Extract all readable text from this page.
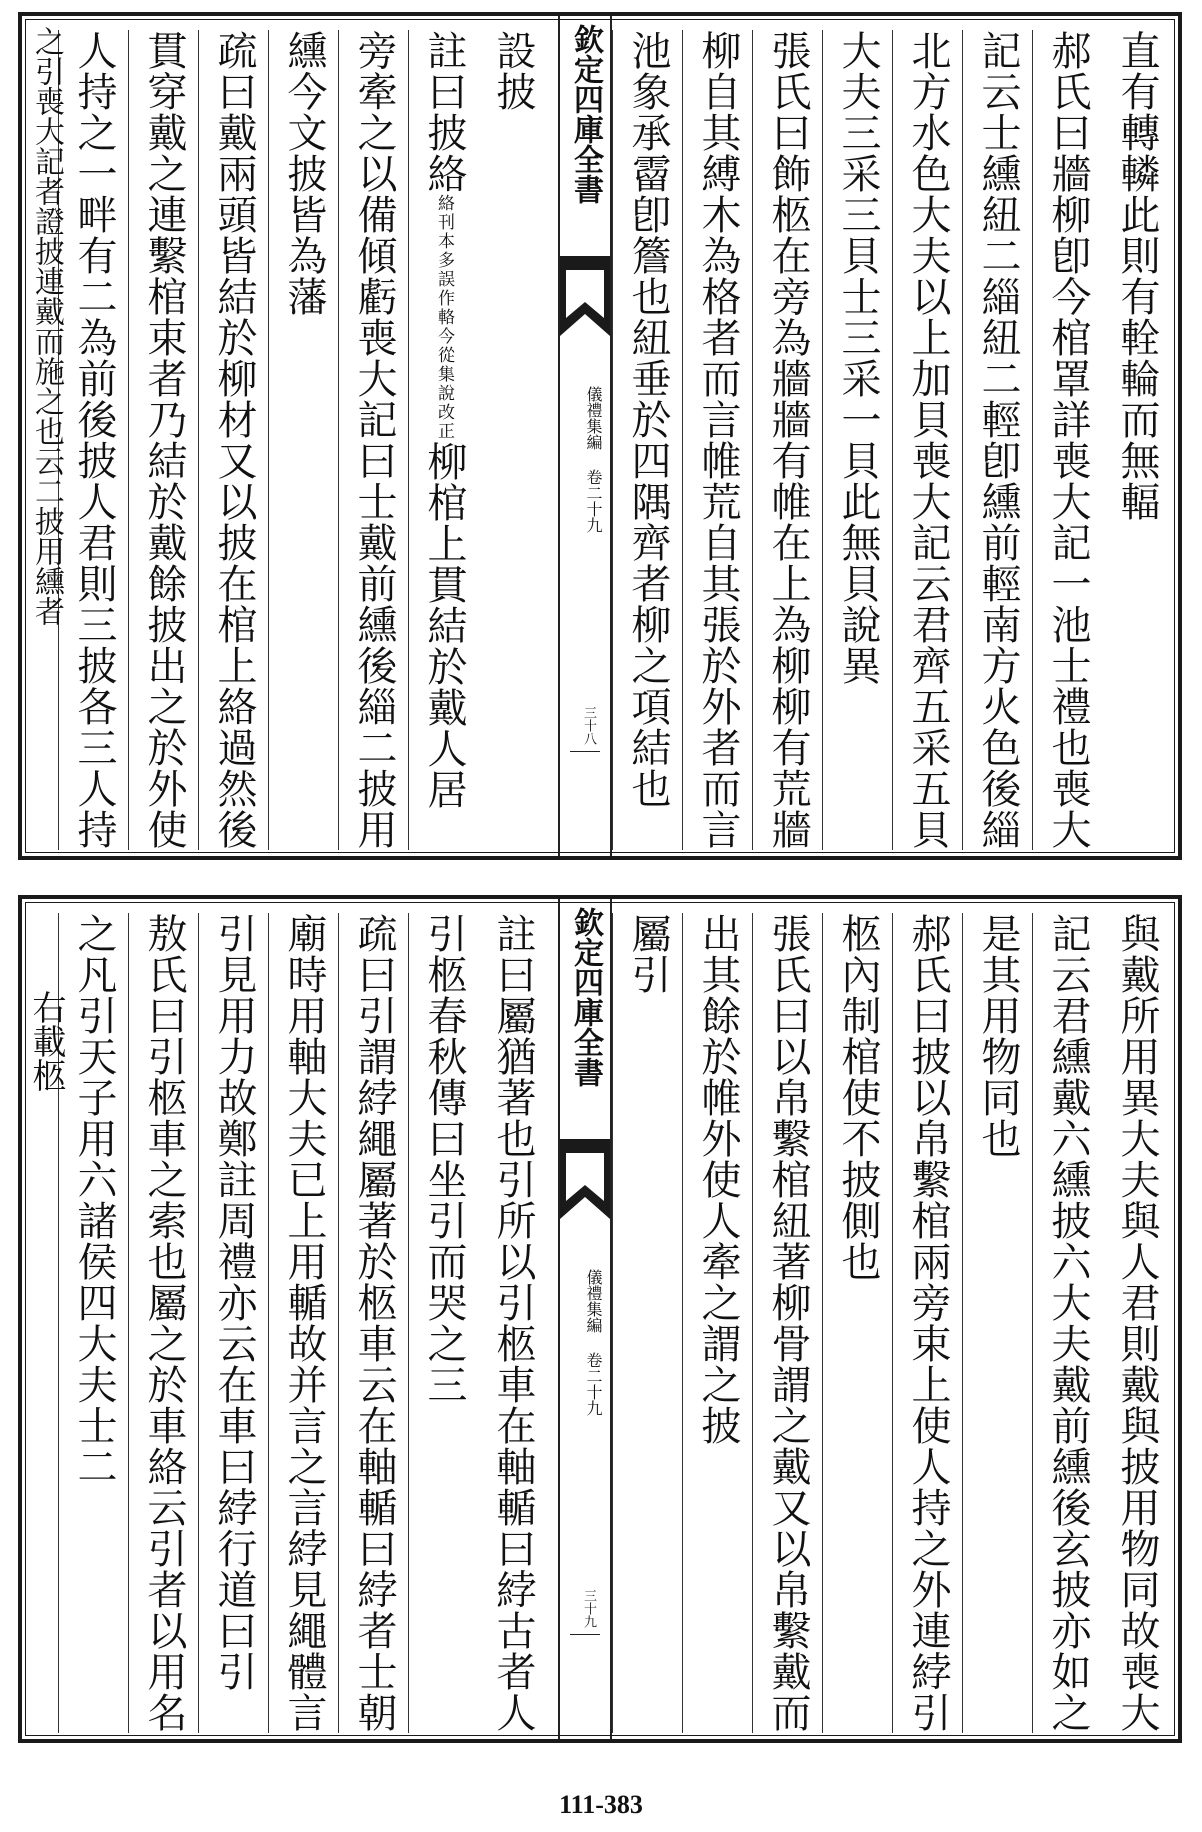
直有轉轔此則有輇輪而無輻
郝氏曰牆柳卽今棺罩詳喪大記一池士禮也喪大
記云士纁紐二緇紐二輕卽纁前輕南方火色後緇
北方水色大夫以上加貝喪大記云君齊五采五貝
大夫三采三貝士三采一貝此無貝說異
張氏曰飾柩在旁為牆牆有帷在上為柳柳有荒牆
柳自其縛木為格者而言帷荒自其張於外者而言
池象承霤卽簷也紐垂於四隅齊者柳之項結也
欽定四庫全書
儀禮集編 卷二十九
三十八
設披
註曰披絡絡刊本多誤作輅今從集說改正柳棺上貫結於戴人居
旁牽之以備傾虧喪大記曰士戴前纁後緇二披用
纁今文披皆為藩
疏曰戴兩頭皆結於柳材又以披在棺上絡過然後
貫穿戴之連繫棺束者乃結於戴餘披出之於外使
人持之一畔有二為前後披人君則三披各三人持
與戴所用異大夫與人君則戴與披用物同故喪大
記云君纁戴六纁披六大夫戴前纁後玄披亦如之
是其用物同也
郝氏曰披以帛繫棺兩旁束上使人持之外連綍引
柩內制棺使不披側也
張氏曰以帛繫棺紐著柳骨謂之戴又以帛繫戴而
出其餘於帷外使人牽之謂之披
屬引
欽定四庫全書
儀禮集編 卷二十九
三十九
註曰屬猶著也引所以引柩車在軸輴曰綍古者人
引柩春秋傳曰坐引而哭之三
疏曰引謂綍繩屬著於柩車云在軸輴曰綍者士朝
廟時用軸大夫已上用輴故并言之言綍見繩體言
引見用力故鄭註周禮亦云在車曰綍行道曰引
敖氏曰引柩車之索也屬之於車絡云引者以用名
之凡引天子用六諸侯四大夫士二
之引喪大記者證披連戴而施之也云二披用纁者
右載柩
111-383
